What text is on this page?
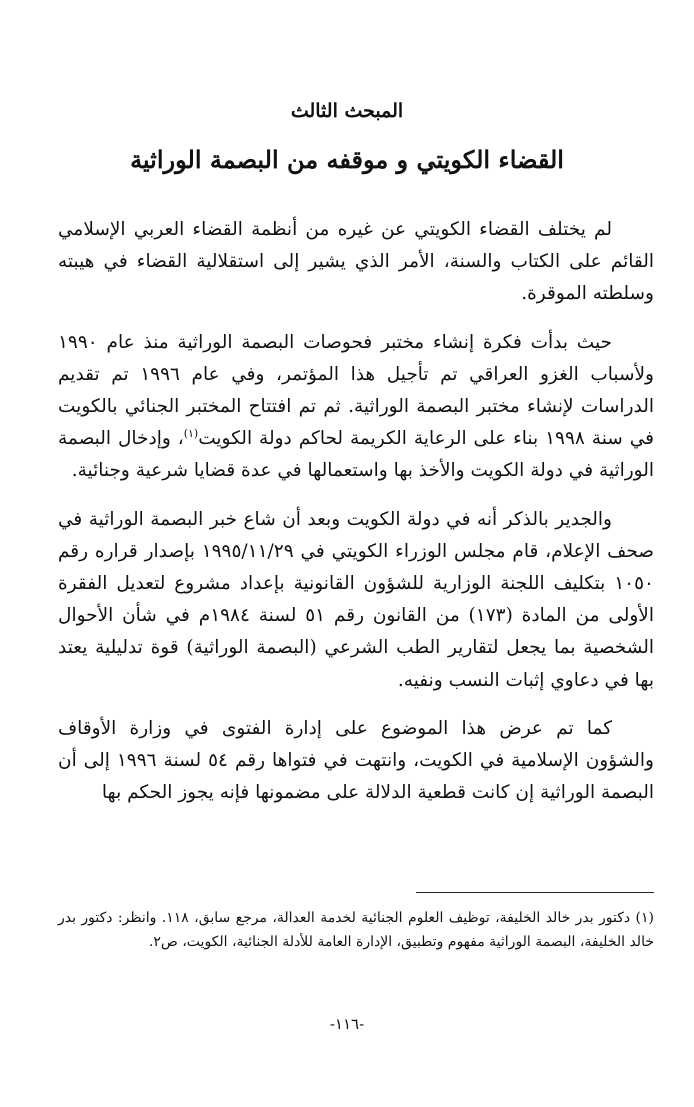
المبحث الثالث
القضاء الكويتي و موقفه من البصمة الوراثية

لم يختلف القضاء الكويتي عن غيره من أنظمة القضاء العربي الإسلامي القائم على الكتاب والسنة، الأمر الذي يشير إلى استقلالية القضاء في هيبته وسلطته الموقرة.

حيث بدأت فكرة إنشاء مختبر فحوصات البصمة الوراثية منذ عام ١٩٩٠ ولأسباب الغزو العراقي تم تأجيل هذا المؤتمر، وفي عام ١٩٩٦ تم تقديم الدراسات لإنشاء مختبر البصمة الوراثية. ثم تم افتتاح المختبر الجنائي بالكويت في سنة ١٩٩٨ بناء على الرعاية الكريمة لحاكم دولة الكويت$^{(١)}$، وإدخال البصمة الوراثية في دولة الكويت والأخذ بها واستعمالها في عدة قضايا شرعية وجنائية.

والجدير بالذكر أنه في دولة الكويت وبعد أن شاع خبر البصمة الوراثية في صحف الإعلام، قام مجلس الوزراء الكويتي في ١٩٩٥/١١/٢٩ بإصدار قراره رقم ١٠٥٠ بتكليف اللجنة الوزارية للشؤون القانونية بإعداد مشروع لتعديل الفقرة الأولى من المادة (١٧٣) من القانون رقم ٥١ لسنة ١٩٨٤م في شأن الأحوال الشخصية بما يجعل لتقارير الطب الشرعي (البصمة الوراثية) قوة تدليلية يعتد بها في دعاوي إثبات النسب ونفيه.

كما تم عرض هذا الموضوع على إدارة الفتوى في وزارة الأوقاف والشؤون الإسلامية في الكويت، وانتهت في فتواها رقم ٥٤ لسنة ١٩٩٦ إلى أن البصمة الوراثية إن كانت قطعية الدلالة على مضمونها فإنه يجوز الحكم بها

(١) دكتور بدر خالد الخليفة، توظيف العلوم الجنائية لخدمة العدالة، مرجع سابق، ١١٨. وانظر: دكتور بدر خالد الخليفة، البصمة الوراثية مفهوم وتطبيق، الإدارة العامة للأدلة الجنائية، الكويت، ص٢.

-١١٦-
